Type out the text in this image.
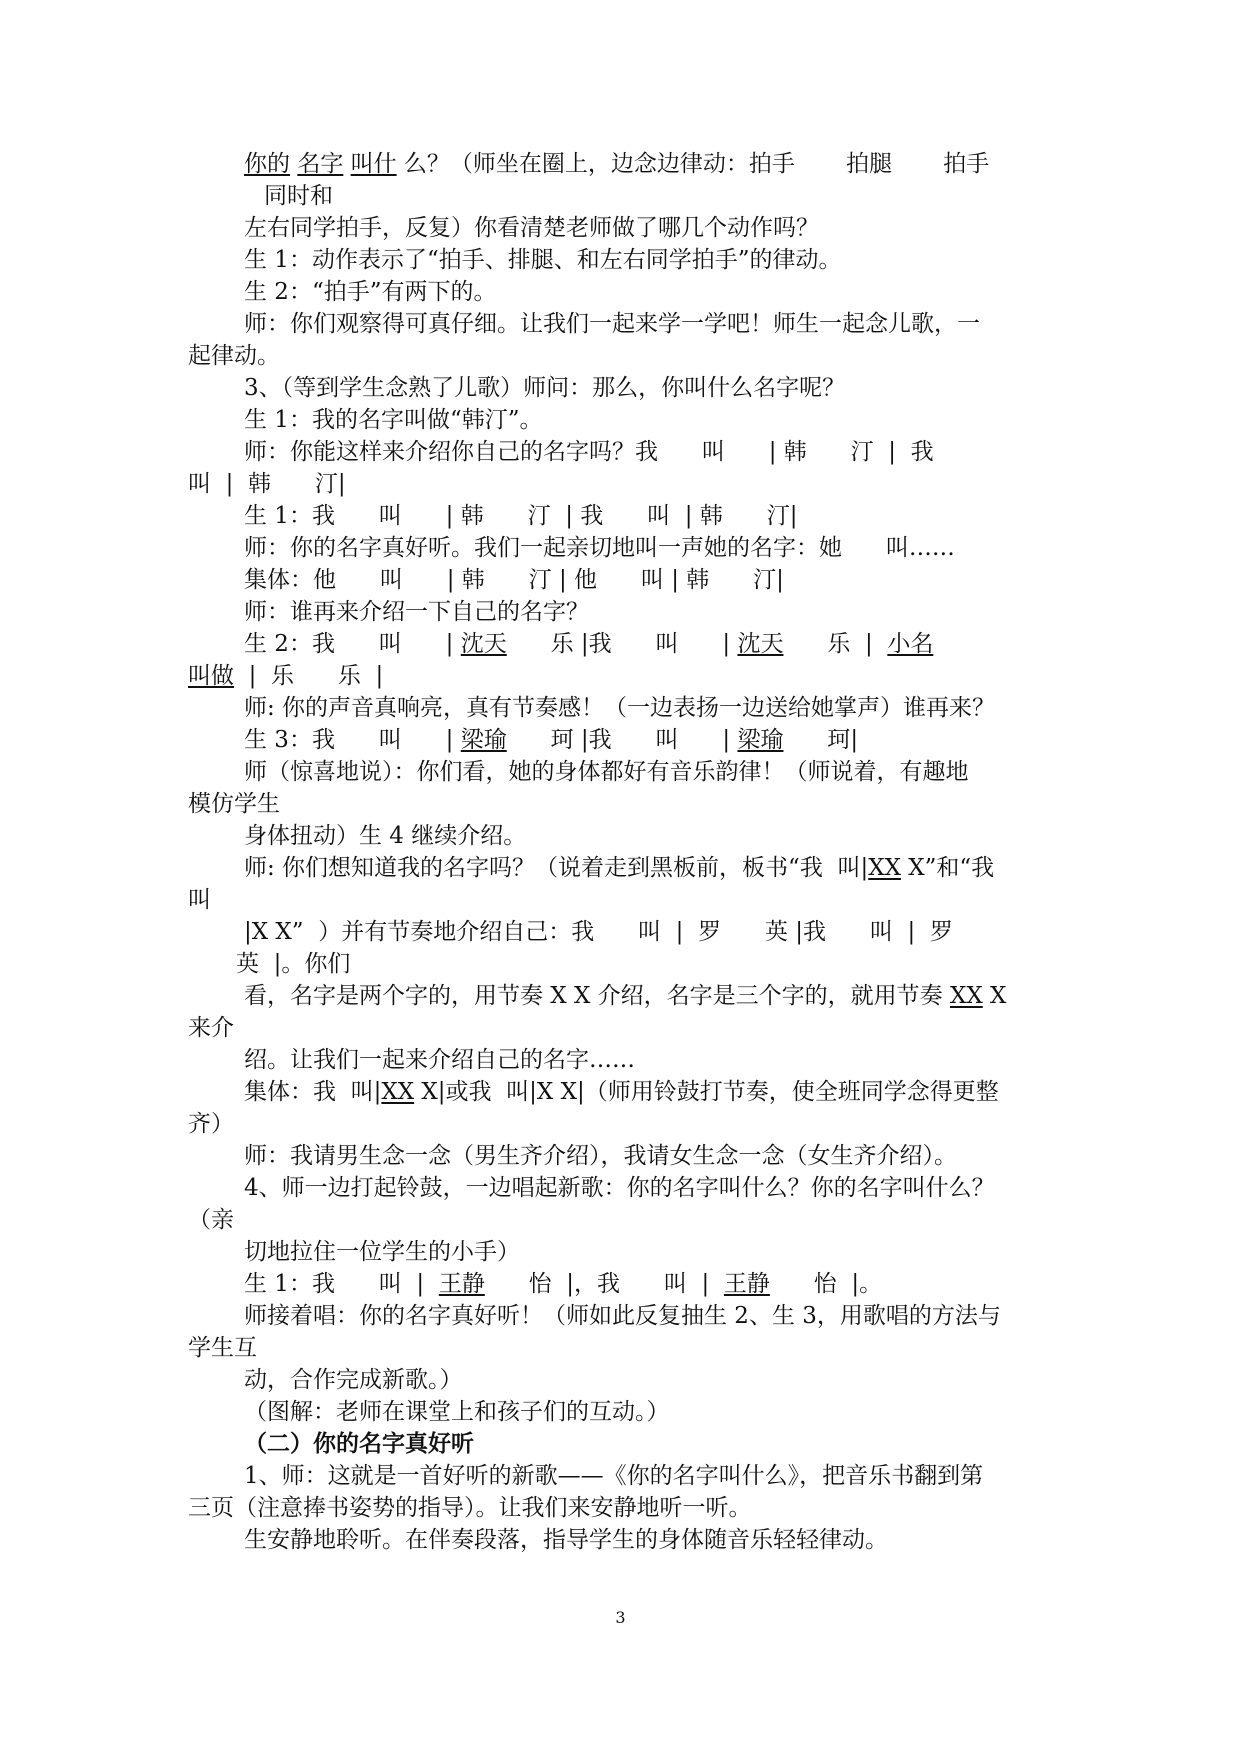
你的 名字 叫什 么？（师坐在圈上，边念边律动：拍手       拍腿       拍手
同时和
左右同学拍手，反复）你看清楚老师做了哪几个动作吗？
生 1：动作表示了“拍手、排腿、和左右同学拍手”的律动。
生 2：“拍手”有两下的。
师：你们观察得可真仔细。让我们一起来学一学吧！师生一起念儿歌，一
起律动。
3、（等到学生念熟了儿歌）师问：那么，你叫什么名字呢？
生 1：我的名字叫做“韩汀”。
师：你能这样来介绍你自己的名字吗？我      叫      | 韩      汀  |  我
叫  |  韩      汀|
生 1：我      叫      | 韩      汀  | 我      叫  | 韩      汀|
师：你的名字真好听。我们一起亲切地叫一声她的名字：她      叫……
集体：他      叫      | 韩      汀 | 他      叫 | 韩      汀|
师：谁再来介绍一下自己的名字？
生 2：我      叫      | 沈天      乐 |我      叫      | 沈天      乐  |  小名
叫做  |  乐      乐  |
师: 你的声音真响亮，真有节奏感！（一边表扬一边送给她掌声）谁再来？
生 3：我      叫      | 梁瑜      珂 |我      叫      | 梁瑜      珂|
师（惊喜地说）：你们看，她的身体都好有音乐韵律！（师说着，有趣地
模仿学生
身体扭动）生 4 继续介绍。
师: 你们想知道我的名字吗？（说着走到黑板前，板书“我  叫|XX X”和“我
叫
|X X”  ）并有节奏地介绍自己：我      叫  |  罗      英 |我      叫  |  罗
英  |。你们
看，名字是两个字的，用节奏 X X 介绍，名字是三个字的，就用节奏 XX X
来介
绍。让我们一起来介绍自己的名字……
集体：我  叫|XX X|或我  叫|X X|（师用铃鼓打节奏，使全班同学念得更整
齐）
师：我请男生念一念（男生齐介绍），我请女生念一念（女生齐介绍）。
4、师一边打起铃鼓，一边唱起新歌：你的名字叫什么？你的名字叫什么？
（亲
切地拉住一位学生的小手）
生 1：我      叫  |  王静      怡  |，我      叫  |  王静      怡  |。
师接着唱：你的名字真好听！（师如此反复抽生 2、生 3，用歌唱的方法与
学生互
动，合作完成新歌。）
（图解：老师在课堂上和孩子们的互动。）
（二）你的名字真好听
1、师：这就是一首好听的新歌——《你的名字叫什么》，把音乐书翻到第
三页（注意捧书姿势的指导）。让我们来安静地听一听。
生安静地聆听。在伴奏段落，指导学生的身体随音乐轻轻律动。
3
